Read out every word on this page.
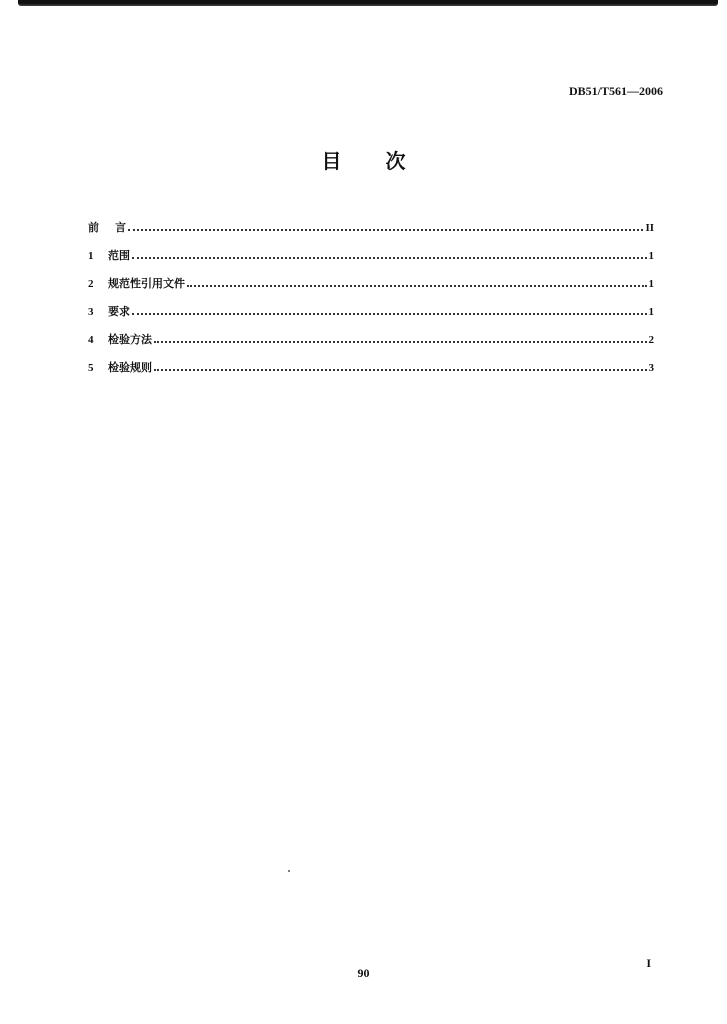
DB51/T561—2006
目 次
前 言	II
1	范围	1
2	规范性引用文件	1
3	要求	1
4	检验方法	2
5	检验规则	3
90
I
